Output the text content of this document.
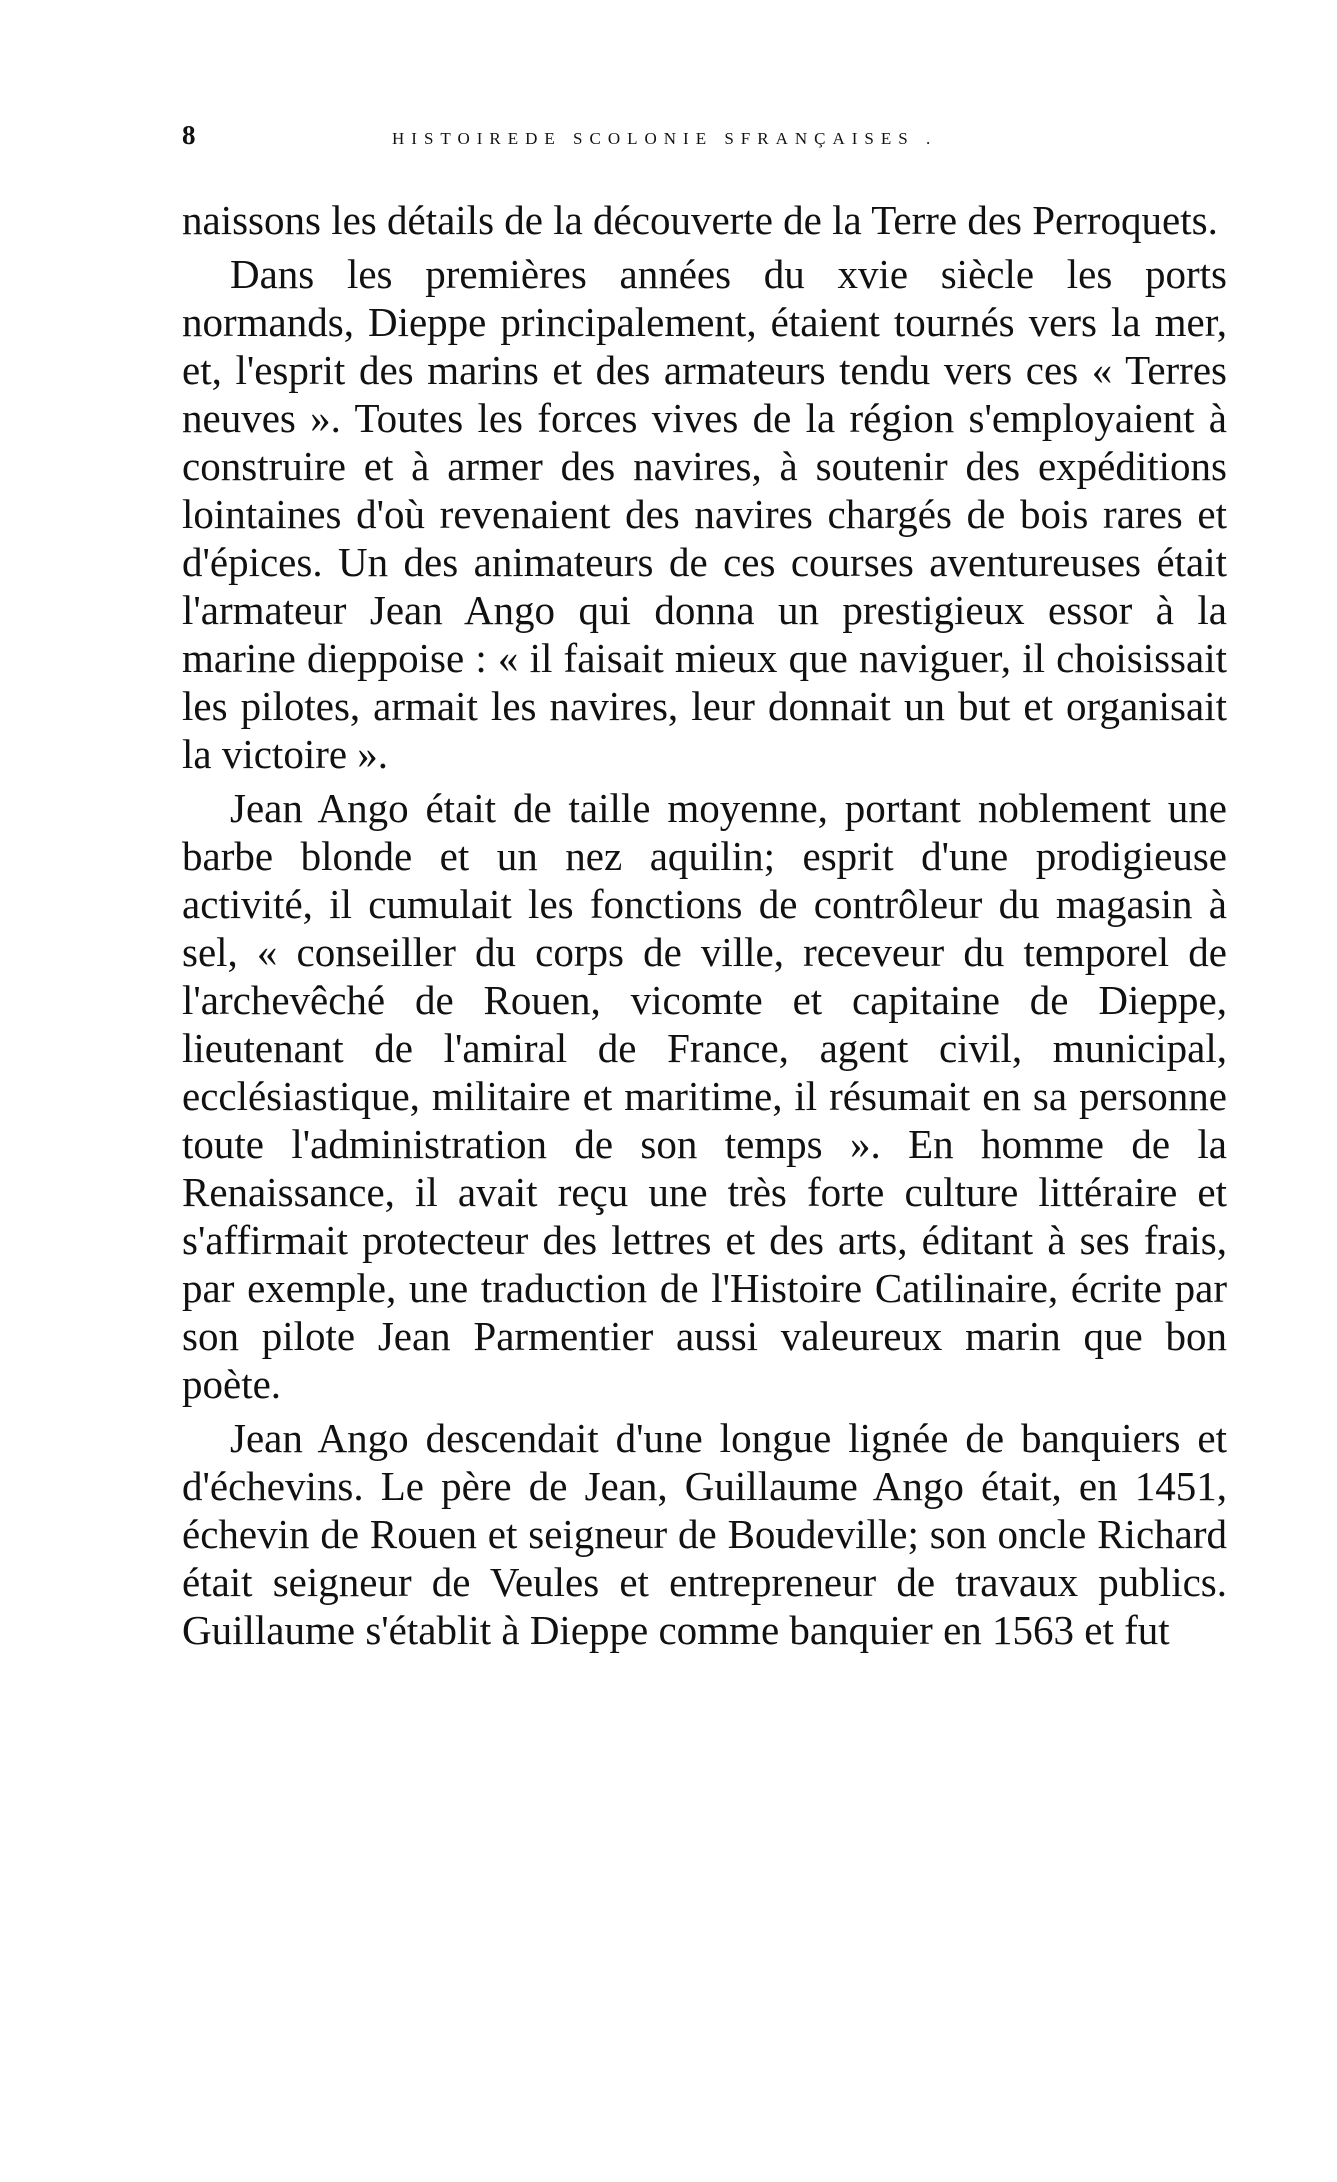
8	HISTOIREDE SCOLONIE SFRANÇAISES .

naissons les détails de la découverte de la Terre des Perroquets.

Dans les premières années du xvie siècle les ports normands, Dieppe principalement, étaient tournés vers la mer, et, l'esprit des marins et des armateurs tendu vers ces « Terres neuves ». Toutes les forces vives de la région s'employaient à construire et à armer des navires, à soutenir des expéditions lointaines d'où revenaient des navires chargés de bois rares et d'épices. Un des animateurs de ces courses aventureuses était l'armateur Jean Ango qui donna un prestigieux essor à la marine dieppoise : « il faisait mieux que naviguer, il choisissait les pilotes, armait les navires, leur donnait un but et organisait la victoire ».

Jean Ango était de taille moyenne, portant noblement une barbe blonde et un nez aquilin; esprit d'une prodigieuse activité, il cumulait les fonctions de contrôleur du magasin à sel, « conseiller du corps de ville, receveur du temporel de l'archevêché de Rouen, vicomte et capitaine de Dieppe, lieutenant de l'amiral de France, agent civil, municipal, ecclésiastique, militaire et maritime, il résumait en sa personne toute l'administration de son temps ». En homme de la Renaissance, il avait reçu une très forte culture littéraire et s'affirmait protecteur des lettres et des arts, éditant à ses frais, par exemple, une traduction de l'Histoire Catilinaire, écrite par son pilote Jean Parmentier aussi valeureux marin que bon poète.

Jean Ango descendait d'une longue lignée de banquiers et d'échevins. Le père de Jean, Guillaume Ango était, en 1451, échevin de Rouen et seigneur de Boudeville; son oncle Richard était seigneur de Veules et entrepreneur de travaux publics. Guillaume s'établit à Dieppe comme banquier en 1563 et fut
